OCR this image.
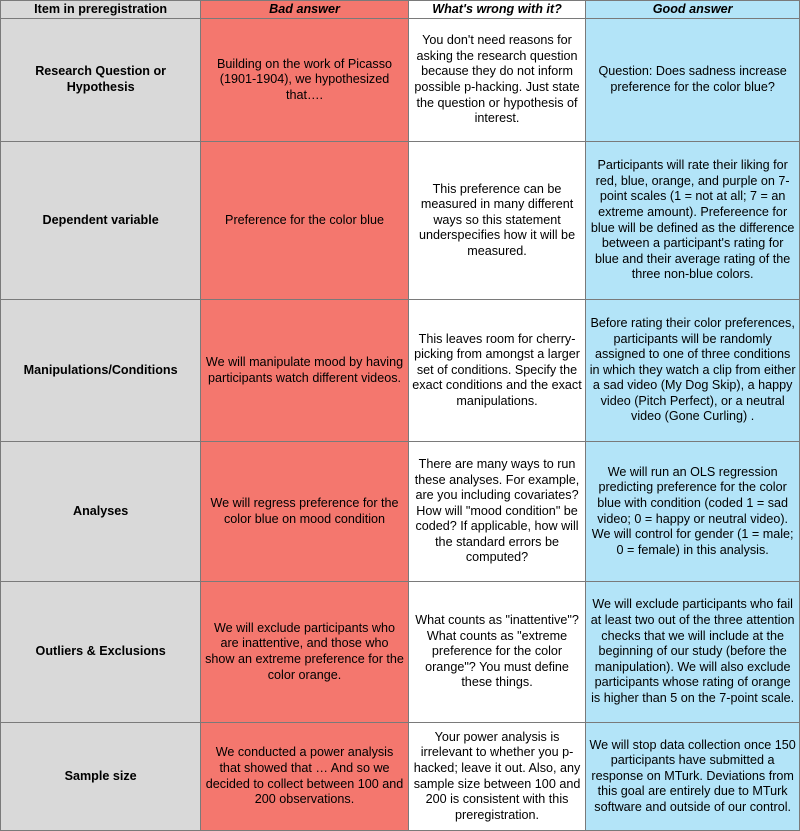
Item in preregistration	Bad answer	What's wrong with it?	Good answer
Research Question or Hypothesis	Building on the work of Picasso (1901-1904), we hypothesized that….	You don't need reasons for asking the research question because they do not inform possible p-hacking. Just state the question or hypothesis of interest.	Question: Does sadness increase preference for the color blue?
Dependent variable	Preference for the color blue	This preference can be measured in many different ways so this statement underspecifies how it will be measured.	Participants will rate their liking for red, blue, orange, and purple on 7-point scales (1 = not at all; 7 = an extreme amount). Prefereence for blue will be defined as the difference between a participant's rating for blue and their average rating of the three non-blue colors.
Manipulations/Conditions	We will manipulate mood by having participants watch different videos.	This leaves room for cherry-picking from amongst a larger set of conditions. Specify the exact conditions and the exact manipulations.	Before rating their color preferences, participants will be randomly assigned to one of three conditions in which they watch a clip from either a sad video (My Dog Skip), a happy video (Pitch Perfect), or a neutral video (Gone Curling) .
Analyses	We will regress preference for the color blue on mood condition	There are many ways to run these analyses. For example, are you including covariates? How will "mood condition" be coded? If applicable, how will the standard errors be computed?	We will run an OLS regression predicting preference for the color blue with condition (coded 1 = sad video; 0 = happy or neutral video). We will control for gender (1 = male; 0 = female) in this analysis.
Outliers & Exclusions	We will exclude participants who are inattentive, and those who show an extreme preference for the color orange.	What counts as "inattentive"? What counts as "extreme preference for the color orange"? You must define these things.	We will exclude participants who fail at least two out of the three attention checks that we will include at the beginning of our study (before the manipulation). We will also exclude participants whose rating of orange is higher than 5 on the 7-point scale.
Sample size	We conducted a power analysis that showed that … And so we decided to collect between 100 and 200 observations.	Your power analysis is irrelevant to whether you p-hacked; leave it out. Also, any sample size between 100 and 200 is consistent with this preregistration.	We will stop data collection once 150 participants have submitted a response on MTurk. Deviations from this goal are entirely due to MTurk software and outside of our control.
